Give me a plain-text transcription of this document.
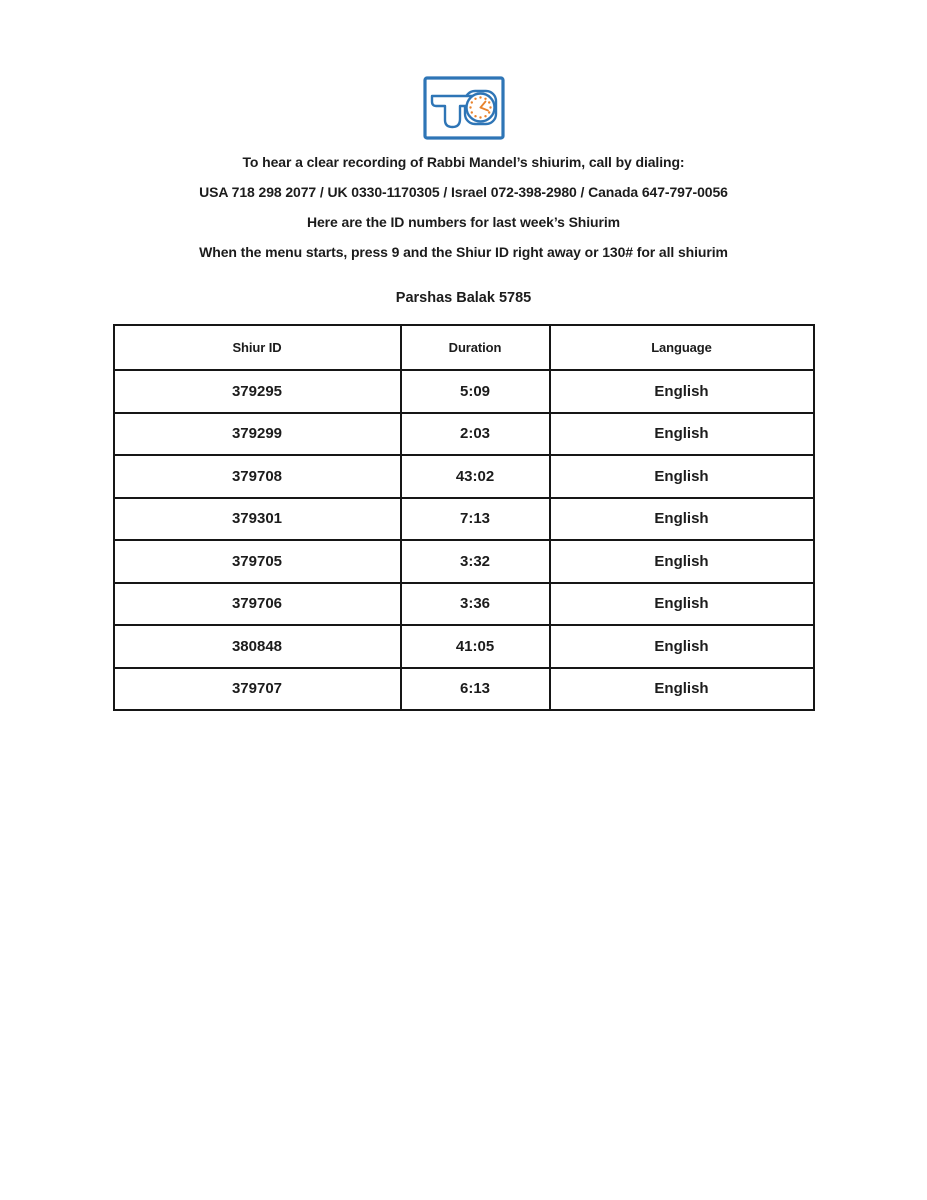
To hear a clear recording of Rabbi Mandel’s shiurim, call by dialing:

USA 718 298 2077 / UK 0330-1170305 / Israel 072-398-2980 / Canada 647-797-0056

Here are the ID numbers for last week’s Shiurim

When the menu starts, press 9 and the Shiur ID right away or 130# for all shiurim

Parshas Balak 5785

Shiur ID	Duration	Language
379295	5:09	English
379299	2:03	English
379708	43:02	English
379301	7:13	English
379705	3:32	English
379706	3:36	English
380848	41:05	English
379707	6:13	English
